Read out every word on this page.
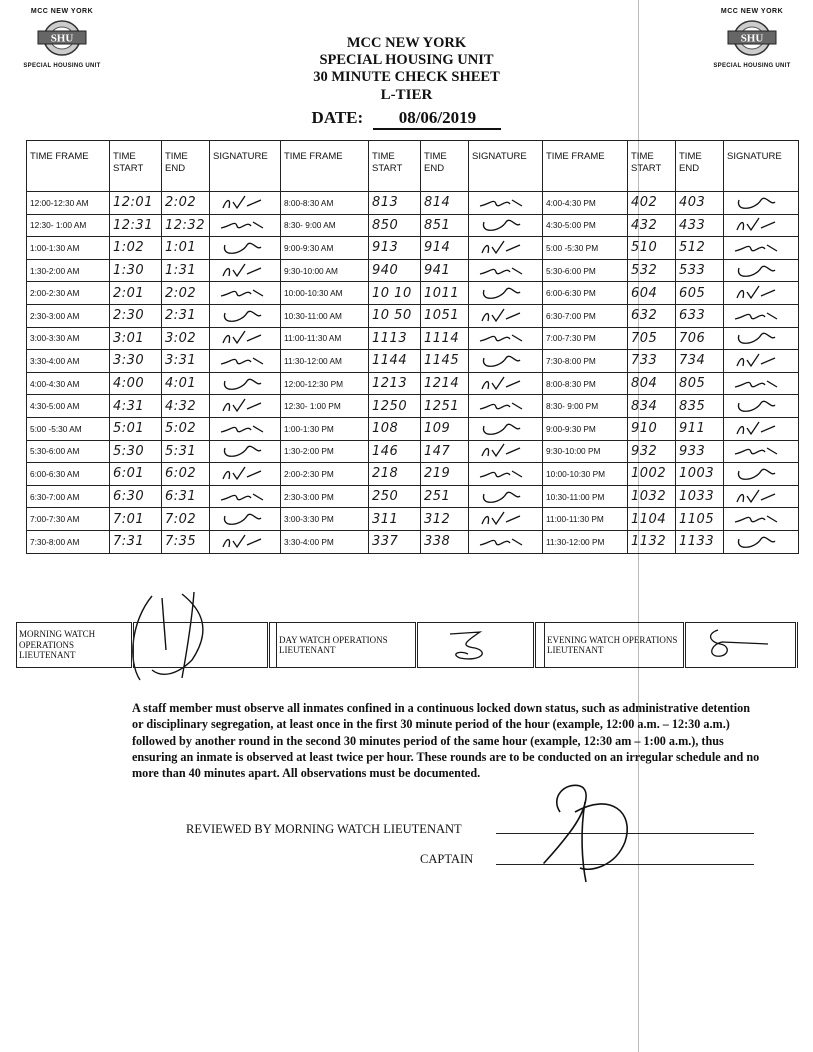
MCC NEW YORK
SHU
SPECIAL HOUSING UNIT
MCC NEW YORK
SHU
SPECIAL HOUSING UNIT
MCC NEW YORK
SPECIAL HOUSING UNIT
30 MINUTE CHECK SHEET
L-TIER
DATE: 08/06/2019
TIME FRAME	TIME START	TIME END	SIGNATURE	TIME FRAME	TIME START	TIME END	SIGNATURE	TIME FRAME	TIME START	TIME END	SIGNATURE
12:00-12:30 AM	12:01	2:02		8:00-8:30 AM	813	814		4:00-4:30 PM	402	403	

12:30- 1:00 AM	12:31	12:32		8:30- 9:00 AM	850	851		4:30-5:00 PM	432	433	

1:00-1:30 AM	1:02	1:01		9:00-9:30 AM	913	914		5:00 -5:30 PM	510	512	

1:30-2:00 AM	1:30	1:31		9:30-10:00 AM	940	941		5:30-6:00 PM	532	533	

2:00-2:30 AM	2:01	2:02		10:00-10:30 AM	10 10	1011		6:00-6:30 PM	604	605	

2:30-3:00 AM	2:30	2:31		10:30-11:00 AM	10 50	1051		6:30-7:00 PM	632	633	

3:00-3:30 AM	3:01	3:02		11:00-11:30 AM	1113	1114		7:00-7:30 PM	705	706	

3:30-4:00 AM	3:30	3:31		11:30-12:00 AM	1144	1145		7:30-8:00 PM	733	734	

4:00-4:30 AM	4:00	4:01		12:00-12:30 PM	1213	1214		8:00-8:30 PM	804	805	

4:30-5:00 AM	4:31	4:32		12:30- 1:00 PM	1250	1251		8:30- 9:00 PM	834	835	

5:00 -5:30 AM	5:01	5:02		1:00-1:30 PM	108	109		9:00-9:30 PM	910	911	

5:30-6:00 AM	5:30	5:31		1:30-2:00 PM	146	147		9:30-10:00 PM	932	933	

6:00-6:30 AM	6:01	6:02		2:00-2:30 PM	218	219		10:00-10:30 PM	1002	1003	

6:30-7:00 AM	6:30	6:31		2:30-3:00 PM	250	251		10:30-11:00 PM	1032	1033	

7:00-7:30 AM	7:01	7:02		3:00-3:30 PM	311	312		11:00-11:30 PM	1104	1105	

7:30-8:00 AM	7:31	7:35		3:30-4:00 PM	337	338		11:30-12:00 PM	1132	1133	
MORNING WATCH OPERATIONS LIEUTENANT			DAY WATCH OPERATIONS LIEUTENANT			EVENING WATCH OPERATIONS LIEUTENANT	

A staff member must observe all inmates confined in a continuous locked down status, such as administrative detention or disciplinary segregation, at least once in the first 30 minute period of the hour (example, 12:00 a.m. – 12:30 a.m.) followed by another round in the second 30 minutes period of the same hour (example, 12:30 am – 1:00 a.m.), thus ensuring an inmate is observed at least twice per hour. These rounds are to be conducted on an irregular schedule and no more than 40 minutes apart. All observations must be documented.

REVIEWED BY MORNING WATCH LIEUTENANT
CAPTAIN
